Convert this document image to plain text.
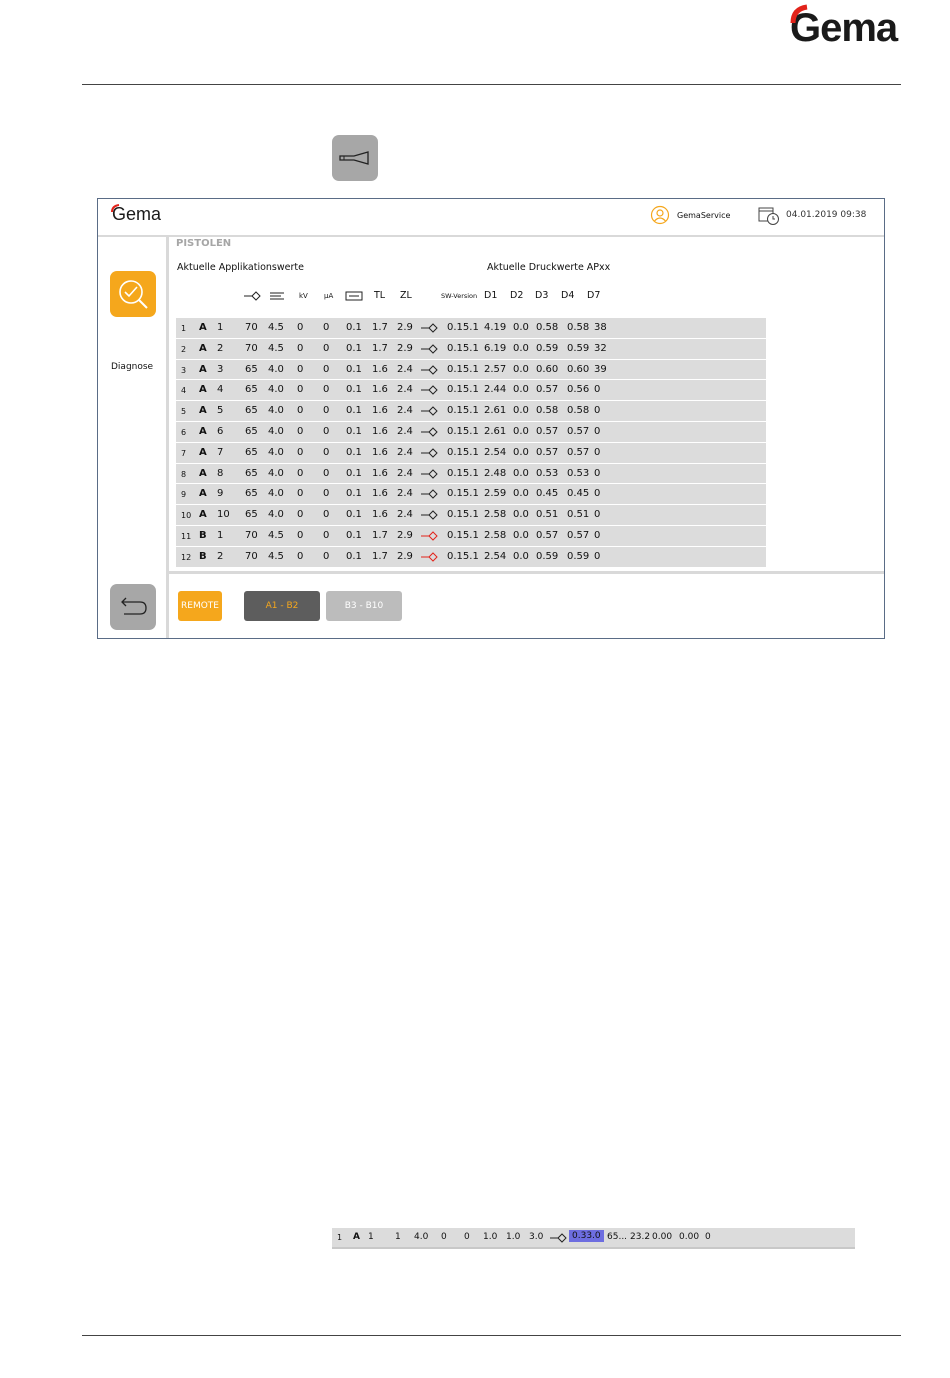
Gema
Gema	GemaService	04.01.2019 09:38
Diagnose
PISTOLEN
Aktuelle Applikationswerte	Aktuelle Druckwerte APxx
kV µA	TL ZL	SW-Version D1 D2 D3 D4 D7
1 A 1 70 4.5 0 0 0.1 1.7 2.9	0.15.1 4.19 0.0 0.58 0.58 38
2 A 2 70 4.5 0 0 0.1 1.7 2.9	0.15.1 6.19 0.0 0.59 0.59 32
3 A 3 65 4.0 0 0 0.1 1.6 2.4	0.15.1 2.57 0.0 0.60 0.60 39
4 A 4 65 4.0 0 0 0.1 1.6 2.4	0.15.1 2.44 0.0 0.57 0.56 0
5 A 5 65 4.0 0 0 0.1 1.6 2.4	0.15.1 2.61 0.0 0.58 0.58 0
6 A 6 65 4.0 0 0 0.1 1.6 2.4	0.15.1 2.61 0.0 0.57 0.57 0
7 A 7 65 4.0 0 0 0.1 1.6 2.4	0.15.1 2.54 0.0 0.57 0.57 0
8 A 8 65 4.0 0 0 0.1 1.6 2.4	0.15.1 2.48 0.0 0.53 0.53 0
9 A 9 65 4.0 0 0 0.1 1.6 2.4	0.15.1 2.59 0.0 0.45 0.45 0
10 A 10 65 4.0 0 0 0.1 1.6 2.4	0.15.1 2.58 0.0 0.51 0.51 0
11 B 1 70 4.5 0 0 0.1 1.7 2.9	0.15.1 2.58 0.0 0.57 0.57 0
12 B 2 70 4.5 0 0 0.1 1.7 2.9	0.15.1 2.54 0.0 0.59 0.59 0
REMOTE	A1 - B2	B3 - B10
1 A 1 1 4.0 0 0 1.0 1.0 3.0	0.33.0 65... 23.2 0.00 0.00 0
